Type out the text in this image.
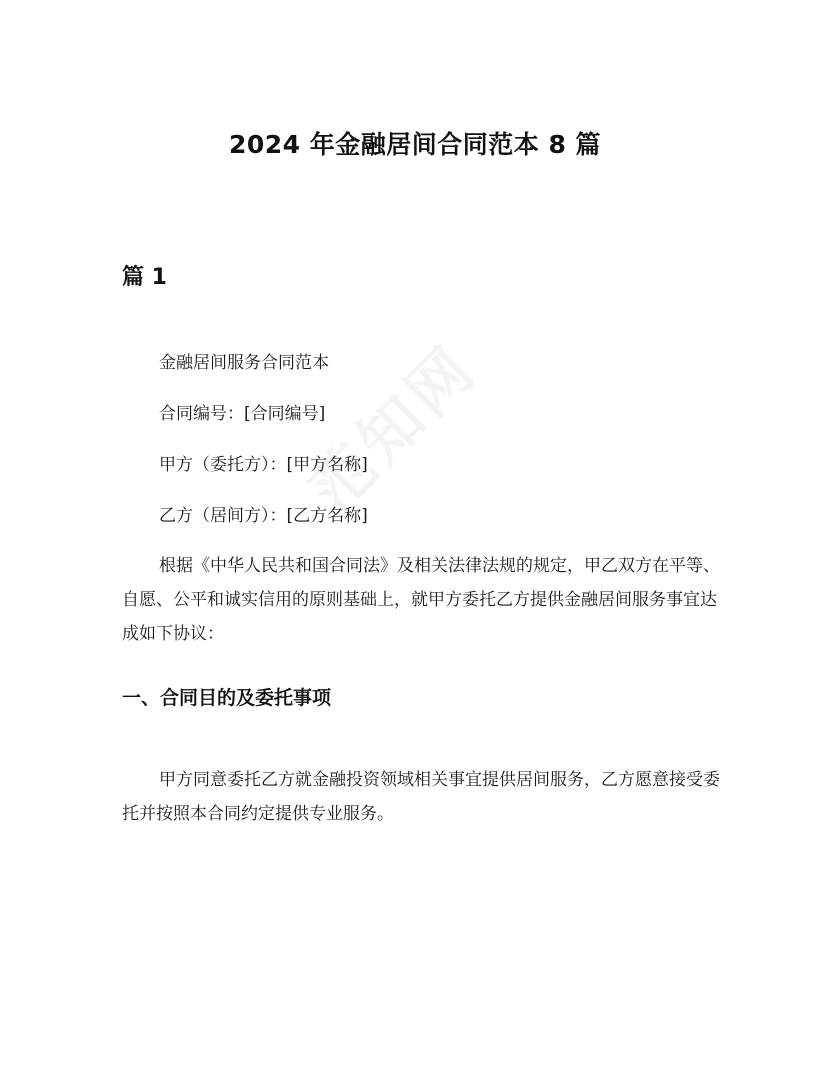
2024 年金融居间合同范本 8 篇
篇 1
金融居间服务合同范本
合同编号：[合同编号]
甲方（委托方）：[甲方名称]
乙方（居间方）：[乙方名称]
根据《中华人民共和国合同法》及相关法律法规的规定，甲乙双方在平等、自愿、公平和诚实信用的原则基础上，就甲方委托乙方提供金融居间服务事宜达成如下协议：
一、合同目的及委托事项
甲方同意委托乙方就金融投资领域相关事宜提供居间服务，乙方愿意接受委托并按照本合同约定提供专业服务。
